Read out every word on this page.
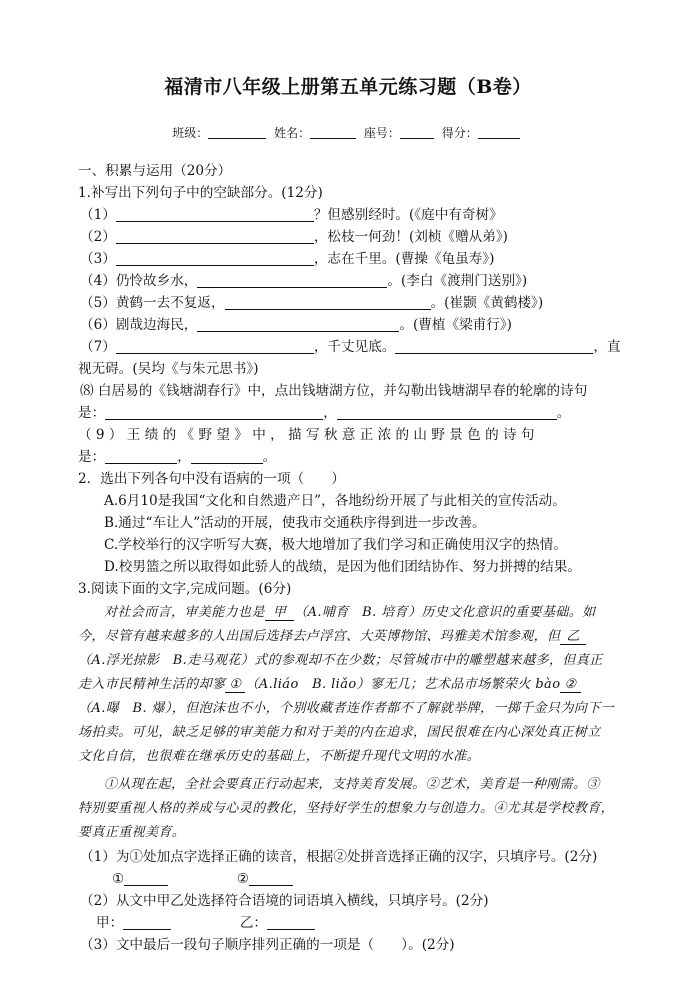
福清市八年级上册第五单元练习题（B卷）
班级：	姓名：	座号：	得分：
一、积累与运用（20分）
1.补写出下列句子中的空缺部分。(12分)
（1）	？但感别经时。(《庭中有奇树》
（2）	，松枝一何劲！(刘桢《赠从弟》)
（3）	，志在千里。(曹操《龟虽寿》)
（4）仍怜故乡水，	。(李白《渡荆门送别》)
（5）黄鹤一去不复返，	。(崔颢《黄鹤楼》)
（6）剧哉边海民，	。(曹植《梁甫行》)
（7）	，千丈见底。	，直
视无碍。(吴均《与朱元思书》)
⑻ 白居易的《钱塘湖春行》中，点出钱塘湖方位，并勾勒出钱塘湖早春的轮廓的诗句
是：	，	。
（ 9 ） 王 绩 的 《 野 望 》 中 ， 描 写 秋 意 正 浓 的 山 野 景 色 的 诗 句
是：	，	。
2．选出下列各句中没有语病的一项（　　）
A.6月10是我国“文化和自然遗产日”，各地纷纷开展了与此相关的宣传活动。
B.通过“车让人”活动的开展，使我市交通秩序得到进一步改善。
C.学校举行的汉字听写大赛，极大地增加了我们学习和正确使用汉字的热情。
D.校男篮之所以取得如此骄人的战绩，是因为他们团结协作、努力拼搏的结果。
3.阅读下面的文字,完成问题。(6分)
对社会而言，审美能力也是 甲 （A.哺育　B. 培育）历史文化意识的重要基础。如
今，尽管有越来越多的人出国后选择去卢浮宫、大英博物馆、玛雅美术馆参观，但 乙
（A.浮光掠影　B.走马观花）式的参观却不在少数；尽管城市中的雕塑越来越多，但真正
走入市民精神生活的却寥 ① （A.liáo　B. liǎo）寥无几；艺术品市场繁荣火 bào ②
（A.曝　B. 爆），但泡沫也不小，个别收藏者连作者都不了解就举牌，一掷千金只为向下一
场拍卖。可见，缺乏足够的审美能力和对于美的内在追求，国民很难在内心深处真正树立
文化自信，也很难在继承历史的基础上，不断提升现代文明的水准。
①从现在起，全社会要真正行动起来，支持美育发展。②艺术，美育是一种刚需。③
特别要重视人格的养成与心灵的教化，坚持好学生的想象力与创造力。④尤其是学校教育，
要真正重视美育。
（1）为①处加点字选择正确的读音，根据②处拼音选择正确的汉字，只填序号。(2分)
①	②
（2）从文中甲乙处选择符合语境的词语填入横线，只填序号。(2分)
甲：	乙：
（3）文中最后一段句子顺序排列正确的一项是（　　）。(2分)
